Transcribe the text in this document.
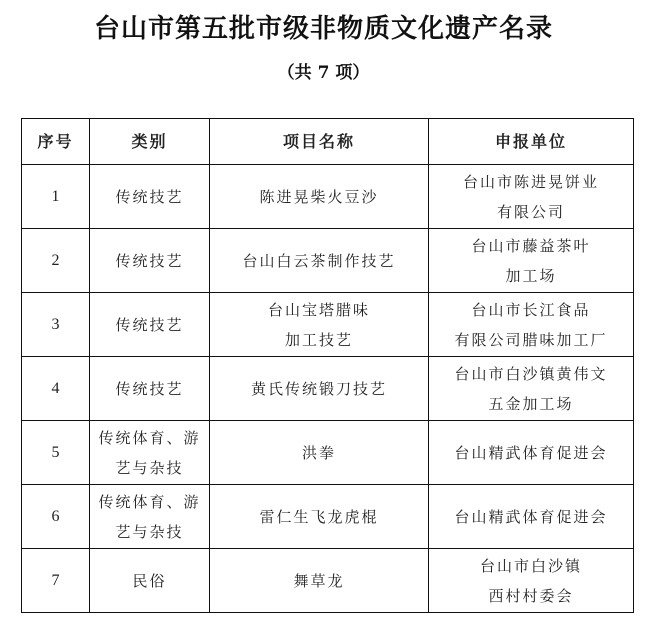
台山市第五批市级非物质文化遗产名录
（共 7 项）
序号	类别	项目名称	申报单位
1	传统技艺	陈进晃柴火豆沙	台山市陈进晃饼业
有限公司

2	传统技艺	台山白云茶制作技艺	台山市藤益茶叶
加工场

3	传统技艺	台山宝塔腊味
加工技艺	台山市长江食品
有限公司腊味加工厂

4	传统技艺	黄氏传统锻刀技艺	台山市白沙镇黄伟文
五金加工场

5	传统体育、游
艺与杂技	洪拳	台山精武体育促进会

6	传统体育、游
艺与杂技	雷仁生飞龙虎棍	台山精武体育促进会

7	民俗	舞草龙	台山市白沙镇
西村村委会
